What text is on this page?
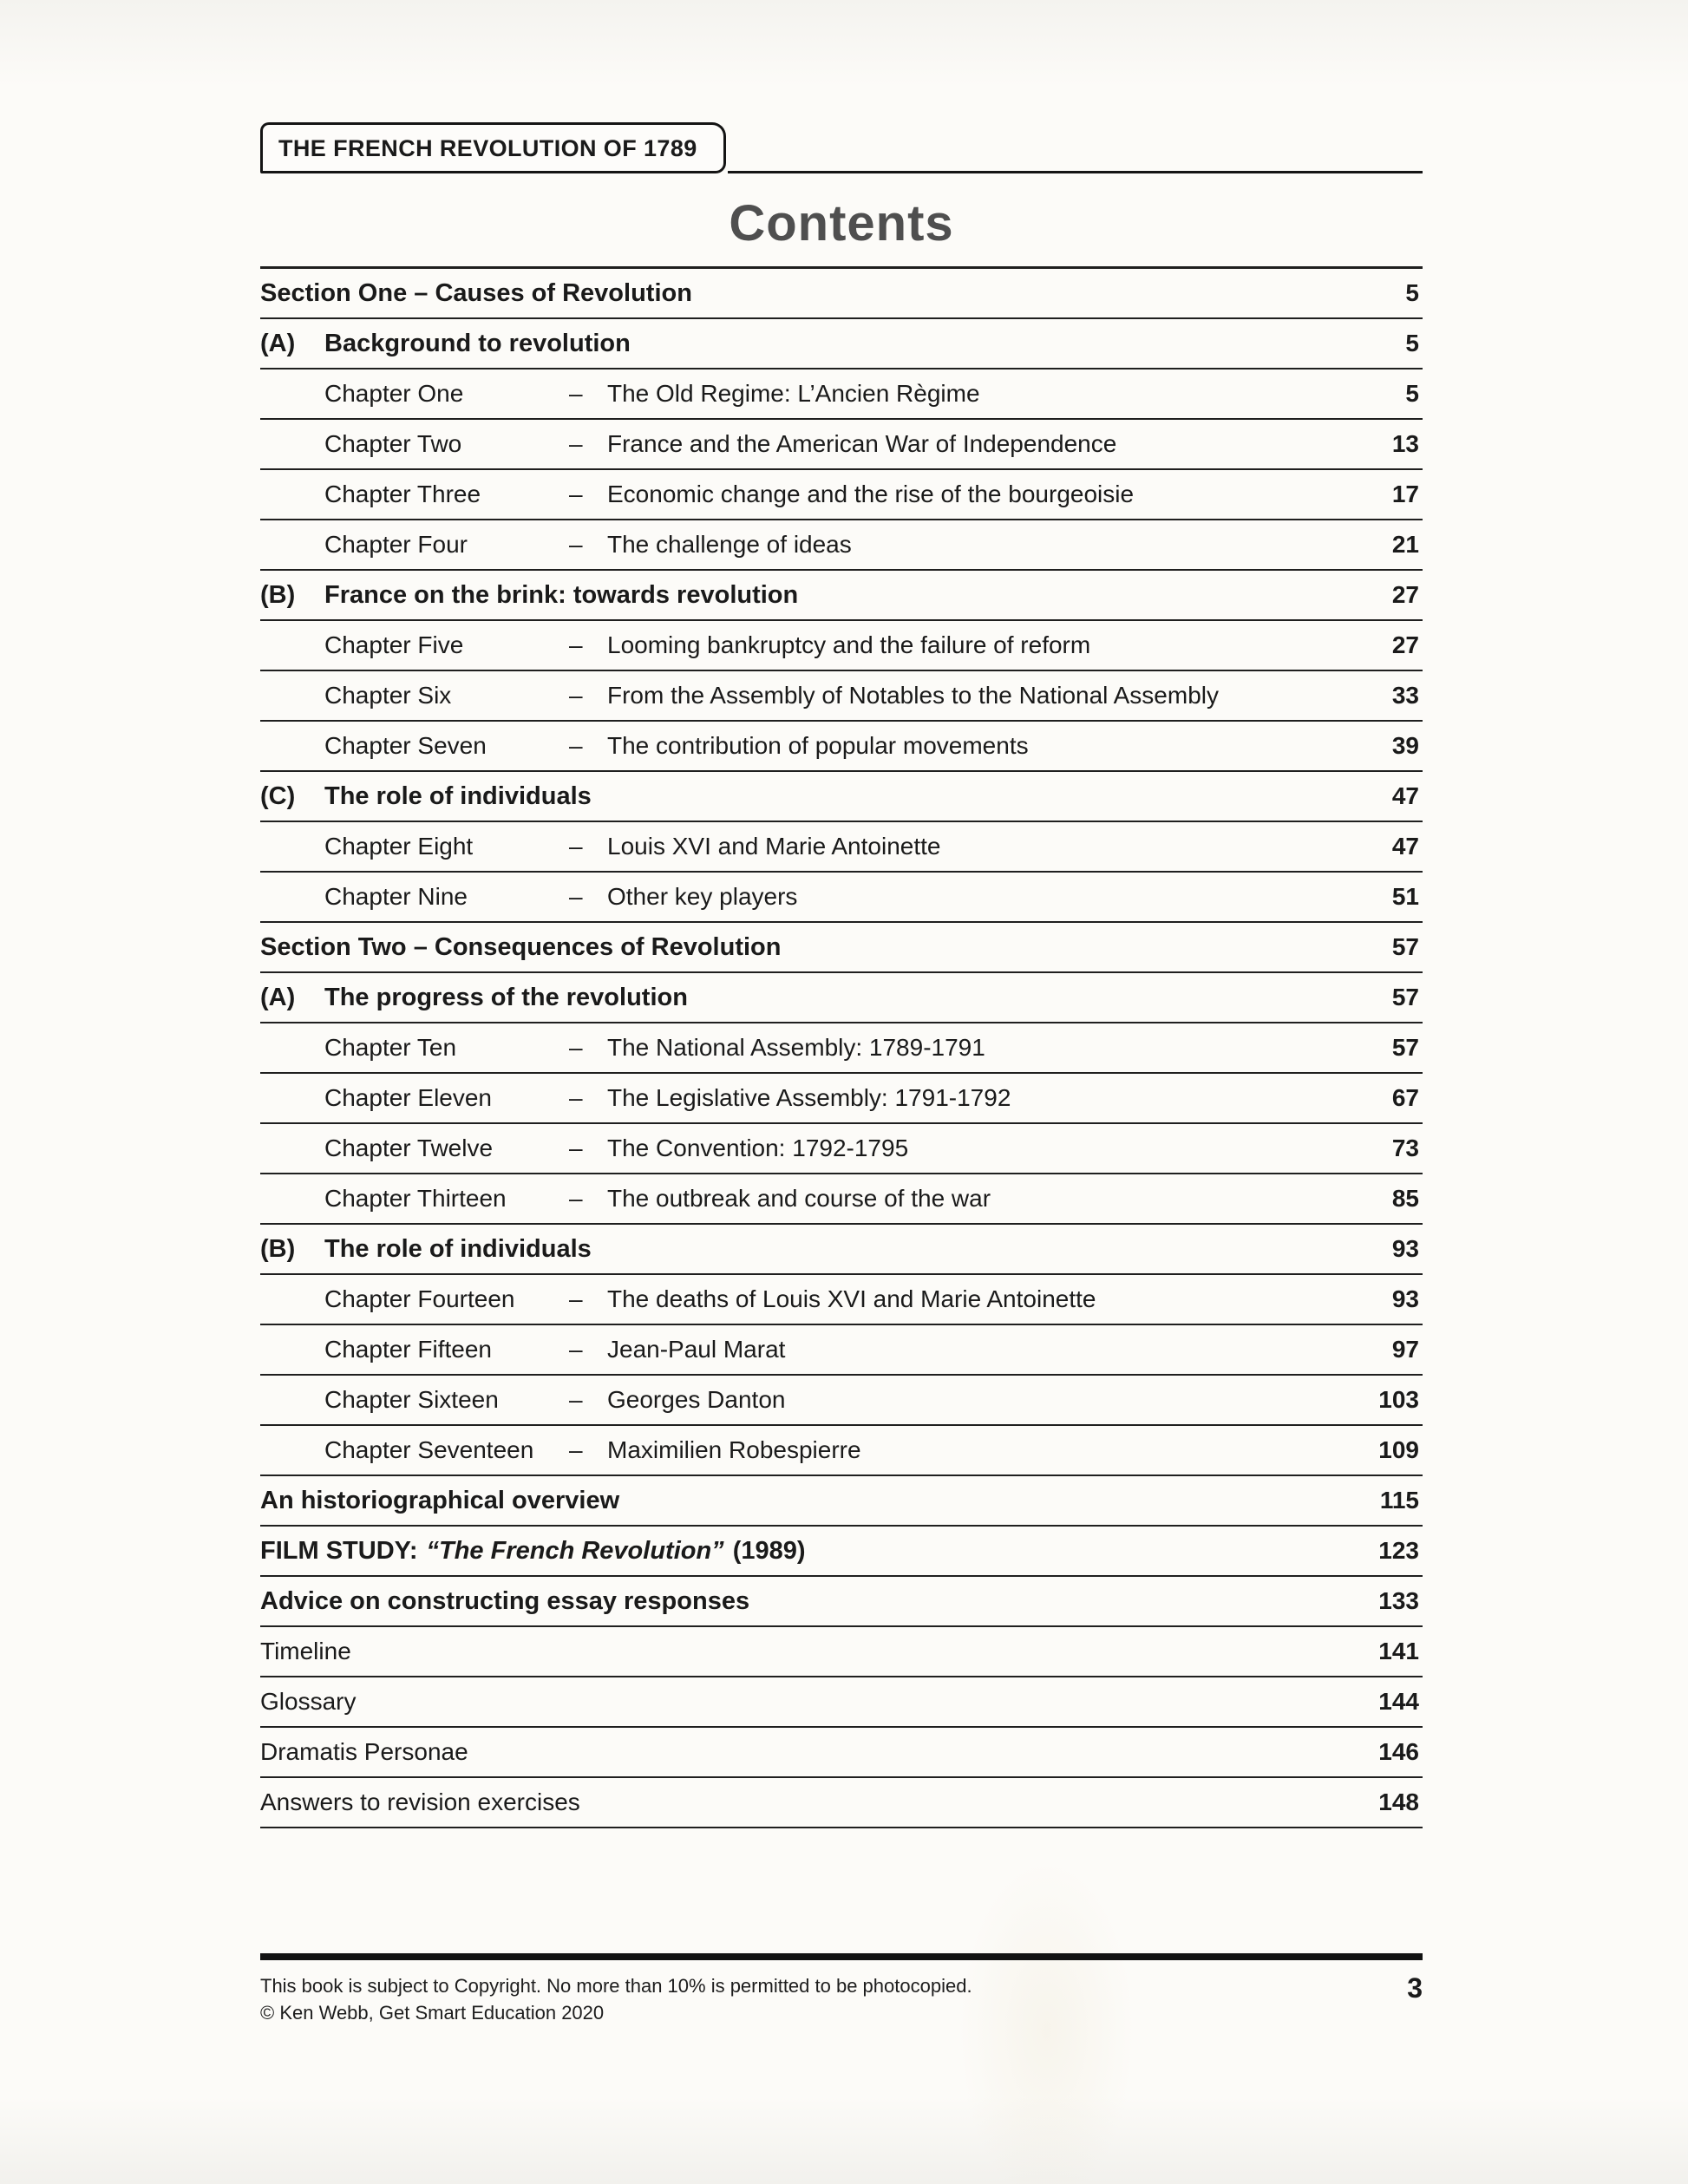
THE FRENCH REVOLUTION OF 1789
Contents
Section One – Causes of Revolution	5
(A)	Background to revolution	5
Chapter One	–	The Old Regime: L’Ancien Règime	5
Chapter Two	–	France and the American War of Independence	13
Chapter Three	–	Economic change and the rise of the bourgeoisie	17
Chapter Four	–	The challenge of ideas	21
(B)	France on the brink: towards revolution	27
Chapter Five	–	Looming bankruptcy and the failure of reform	27
Chapter Six	–	From the Assembly of Notables to the National Assembly	33
Chapter Seven	–	The contribution of popular movements	39
(C)	The role of individuals	47
Chapter Eight	–	Louis XVI and Marie Antoinette	47
Chapter Nine	–	Other key players	51
Section Two – Consequences of Revolution	57
(A)	The progress of the revolution	57
Chapter Ten	–	The National Assembly: 1789-1791	57
Chapter Eleven	–	The Legislative Assembly: 1791-1792	67
Chapter Twelve	–	The Convention: 1792-1795	73
Chapter Thirteen	–	The outbreak and course of the war	85
(B)	The role of individuals	93
Chapter Fourteen	–	The deaths of Louis XVI and Marie Antoinette	93
Chapter Fifteen	–	Jean-Paul Marat	97
Chapter Sixteen	–	Georges Danton	103
Chapter Seventeen	–	Maximilien Robespierre	109
An historiographical overview	115
FILM STUDY: “The French Revolution” (1989)	123
Advice on constructing essay responses	133
Timeline	141
Glossary	144
Dramatis Personae	146
Answers to revision exercises	148
This book is subject to Copyright. No more than 10% is permitted to be photocopied.
© Ken Webb, Get Smart Education 2020
3
